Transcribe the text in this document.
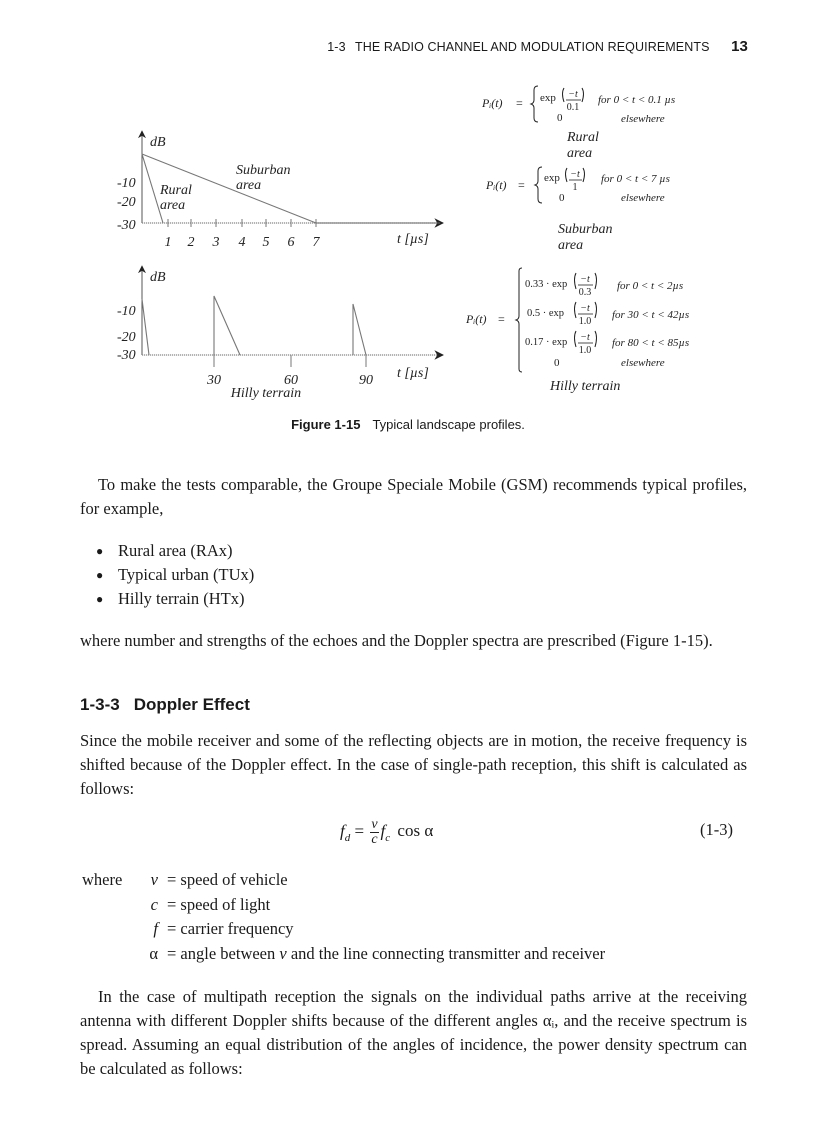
1-3 THE RADIO CHANNEL AND MODULATION REQUIREMENTS 13
dB
-10
-20
-30
1 2 3 4 5 6 7	t [µs]
Suburban
area
Rural
area
dB
-10
-20
-30
30	60	90 t [µs]
Hilly terrain
Pᵢ(t) = exp −t
0.1
for 0 < t < 0.1 µs
0	elsewhere
Rural
area
Pᵢ(t) = exp −t
1
for 0 < t < 7 µs
0	elsewhere
Suburban
area
Pᵢ(t) =
0.33 · exp −t
0.3
for 0 < t < 2µs
0.5 · exp −t
1.0
for 30 < t < 42µs
0.17 · exp −t
1.0
for 80 < t < 85µs
0	elsewhere
Hilly terrain
Figure 1-15 Typical landscape profiles.
To make the tests comparable, the Groupe Speciale Mobile (GSM) recommends typical profiles, for example,
● Rural area (RAx)
● Typical urban (TUx)
● Hilly terrain (HTx)
where number and strengths of the echoes and the Doppler spectra are prescribed (Figure 1-15).
1-3-3 Doppler Effect
Since the mobile receiver and some of the reflecting objects are in motion, the receive frequency is shifted because of the Doppler effect. In the case of single-path reception, this shift is calculated as follows:
$f_d = \frac{v}{c} f_c$ cos α	(1-3)
where	v = speed of vehicle
c = speed of light
f = carrier frequency
α = angle between v and the line connecting transmitter and receiver
In the case of multipath reception the signals on the individual paths arrive at the receiving antenna with different Doppler shifts because of the different angles αᵢ, and the receive spectrum is spread. Assuming an equal distribution of the angles of incidence, the power density spectrum can be calculated as follows:
